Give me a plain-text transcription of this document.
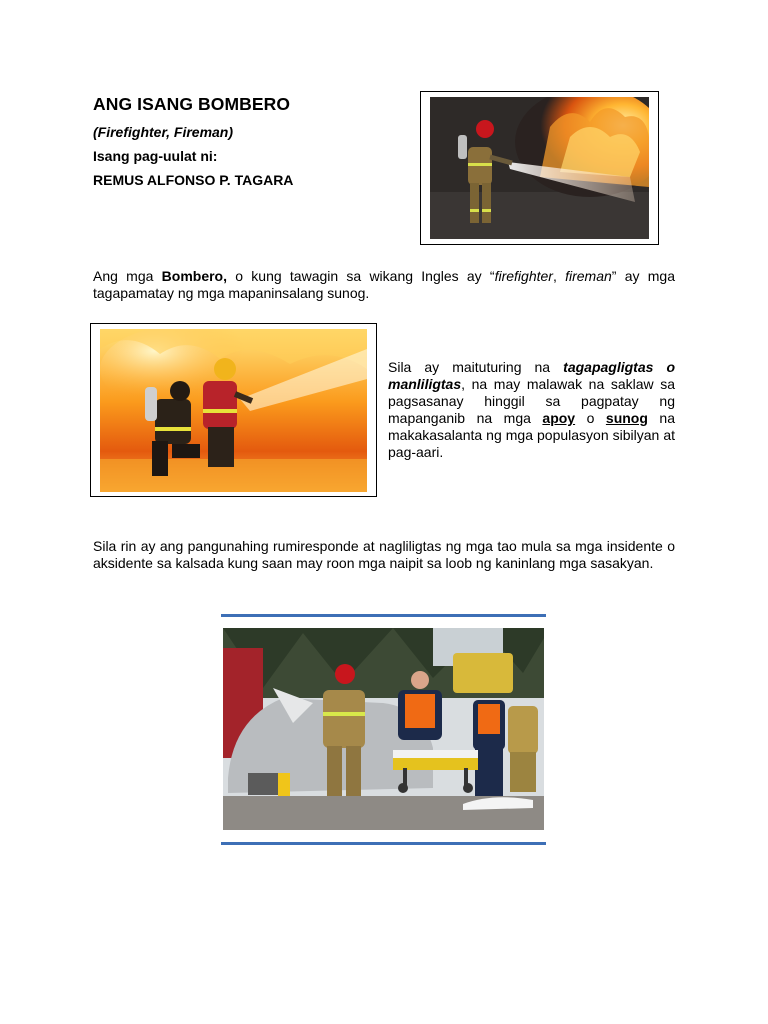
ANG ISANG BOMBERO
(Firefighter, Fireman)
Isang pag-uulat ni:
REMUS ALFONSO P. TAGARA
Ang mga Bombero, o kung tawagin sa wikang Ingles ay “firefighter, fireman” ay mga tagapamatay ng mga mapaninsalang sunog.
Sila ay maituturing na tagapagligtas o manliligtas, na may malawak na saklaw sa pagsasanay hinggil sa pagpatay ng mapanganib na mga apoy o sunog na makakasalanta ng mga populasyon sibilyan at pag-aari.
Sila rin ay ang pangunahing rumiresponde at nagliligtas ng mga tao mula sa mga insidente o aksidente sa kalsada kung saan may roon mga naipit sa loob ng kaninlang mga sasakyan.
